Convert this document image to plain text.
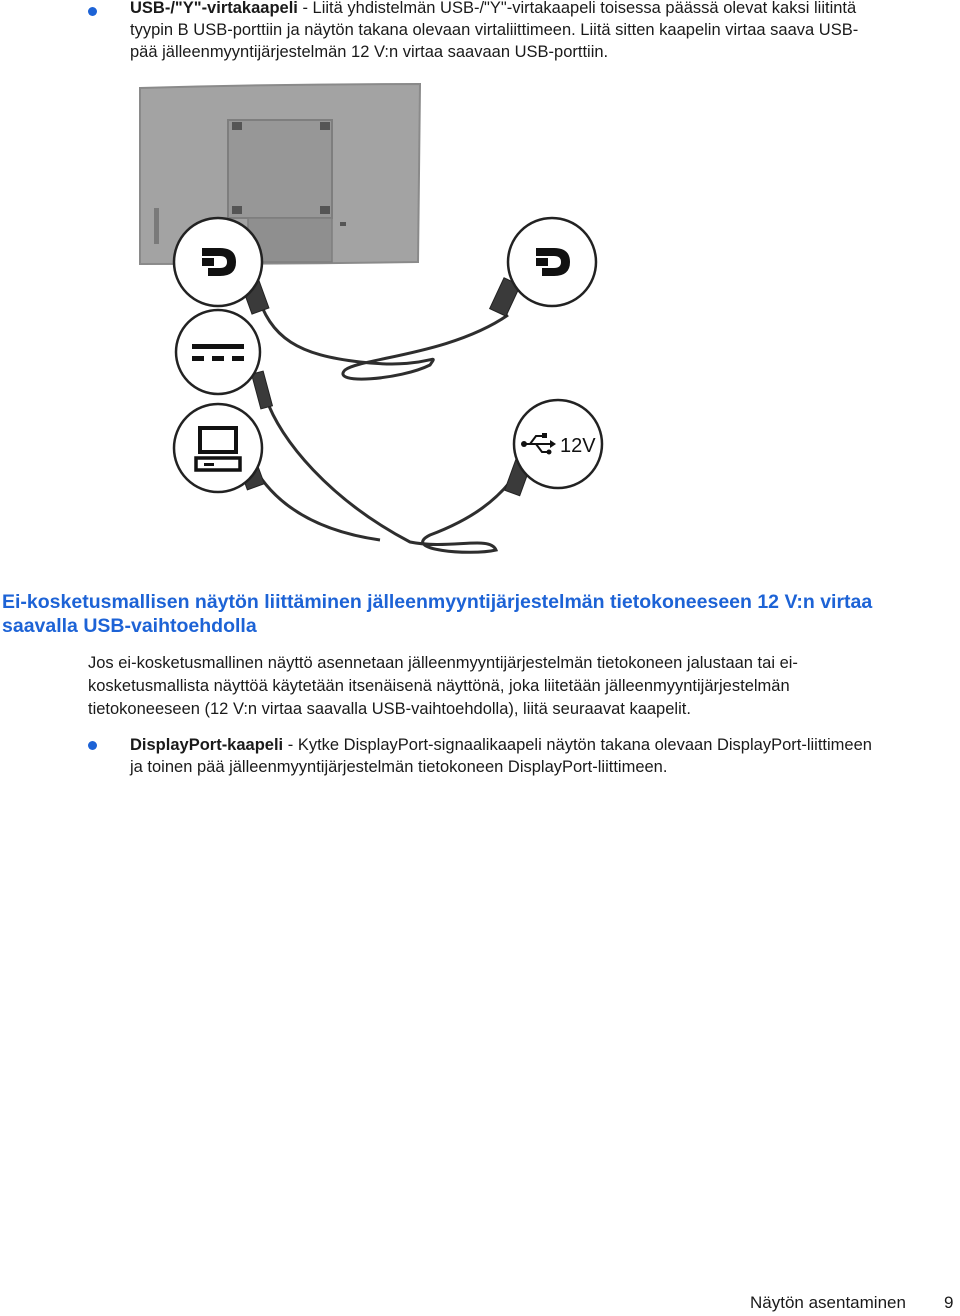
USB-/"Y"-virtakaapeli - Liitä yhdistelmän USB-/"Y"-virtakaapeli toisessa päässä olevat kaksi liitintä
tyypin B USB-porttiin ja näytön takana olevaan virtaliittimeen. Liitä sitten kaapelin virtaa saava USB-
pää jälleenmyyntijärjestelmän 12 V:n virtaa saavaan USB-porttiin.
12V
Ei-kosketusmallisen näytön liittäminen jälleenmyyntijärjestelmän tietokoneeseen 12 V:n virtaa
saavalla USB-vaihtoehdolla

Jos ei-kosketusmallinen näyttö asennetaan jälleenmyyntijärjestelmän tietokoneen jalustaan tai ei-
kosketusmallista näyttöä käytetään itsenäisenä näyttönä, joka liitetään jälleenmyyntijärjestelmän
tietokoneeseen (12 V:n virtaa saavalla USB-vaihtoehdolla), liitä seuraavat kaapelit.

DisplayPort-kaapeli - Kytke DisplayPort-signaalikaapeli näytön takana olevaan DisplayPort-liittimeen
ja toinen pää jälleenmyyntijärjestelmän tietokoneen DisplayPort-liittimeen.
Näytön asentaminen 9
